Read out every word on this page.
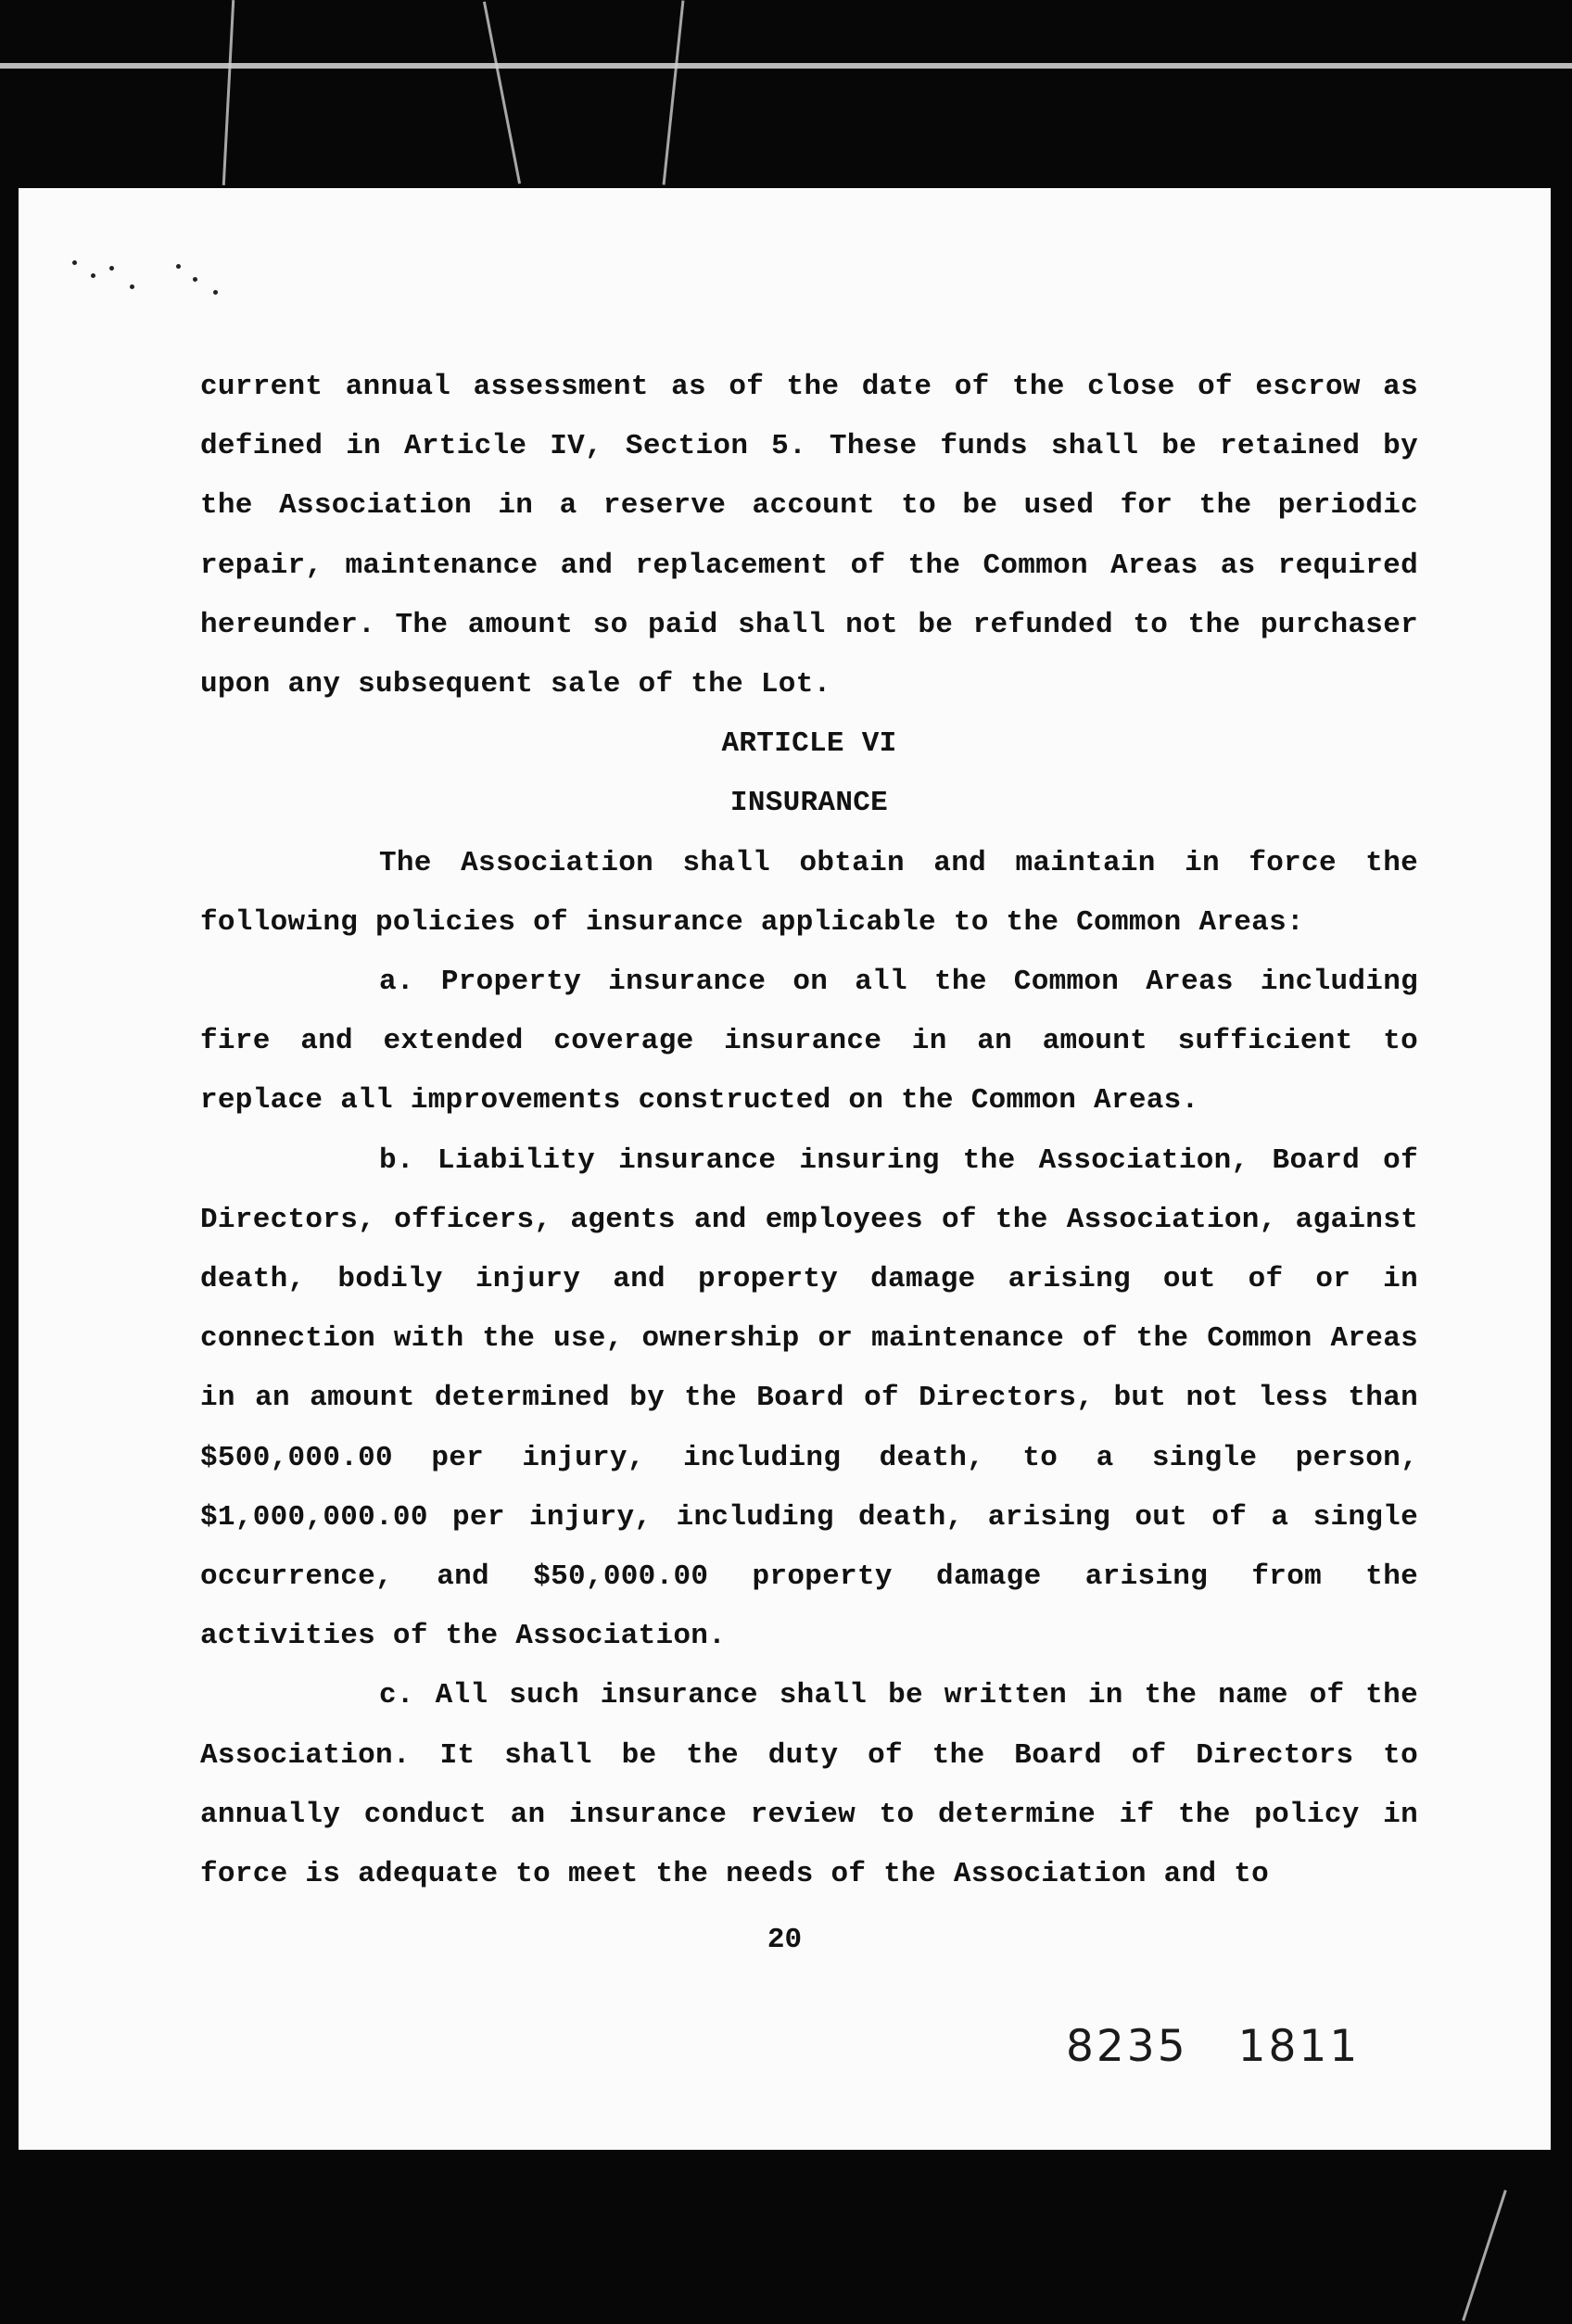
current annual assessment as of the date of the close of escrow as defined in Article IV, Section 5. These funds shall be retained by the Association in a reserve account to be used for the periodic repair, maintenance and replacement of the Common Areas as required hereunder. The amount so paid shall not be refunded to the purchaser upon any subsequent sale of the Lot.

ARTICLE VI

INSURANCE

The Association shall obtain and maintain in force the following policies of insurance applicable to the Common Areas:

a. Property insurance on all the Common Areas including fire and extended coverage insurance in an amount sufficient to replace all improvements constructed on the Common Areas.

b. Liability insurance insuring the Association, Board of Directors, officers, agents and employees of the Association, against death, bodily injury and property damage arising out of or in connection with the use, ownership or maintenance of the Common Areas in an amount determined by the Board of Directors, but not less than $500,000.00 per injury, including death, to a single person, $1,000,000.00 per injury, including death, arising out of a single occurrence, and $50,000.00 property damage arising from the activities of the Association.

c. All such insurance shall be written in the name of the Association. It shall be the duty of the Board of Directors to annually conduct an insurance review to determine if the policy in force is adequate to meet the needs of the Association and to

20
8235 1811
